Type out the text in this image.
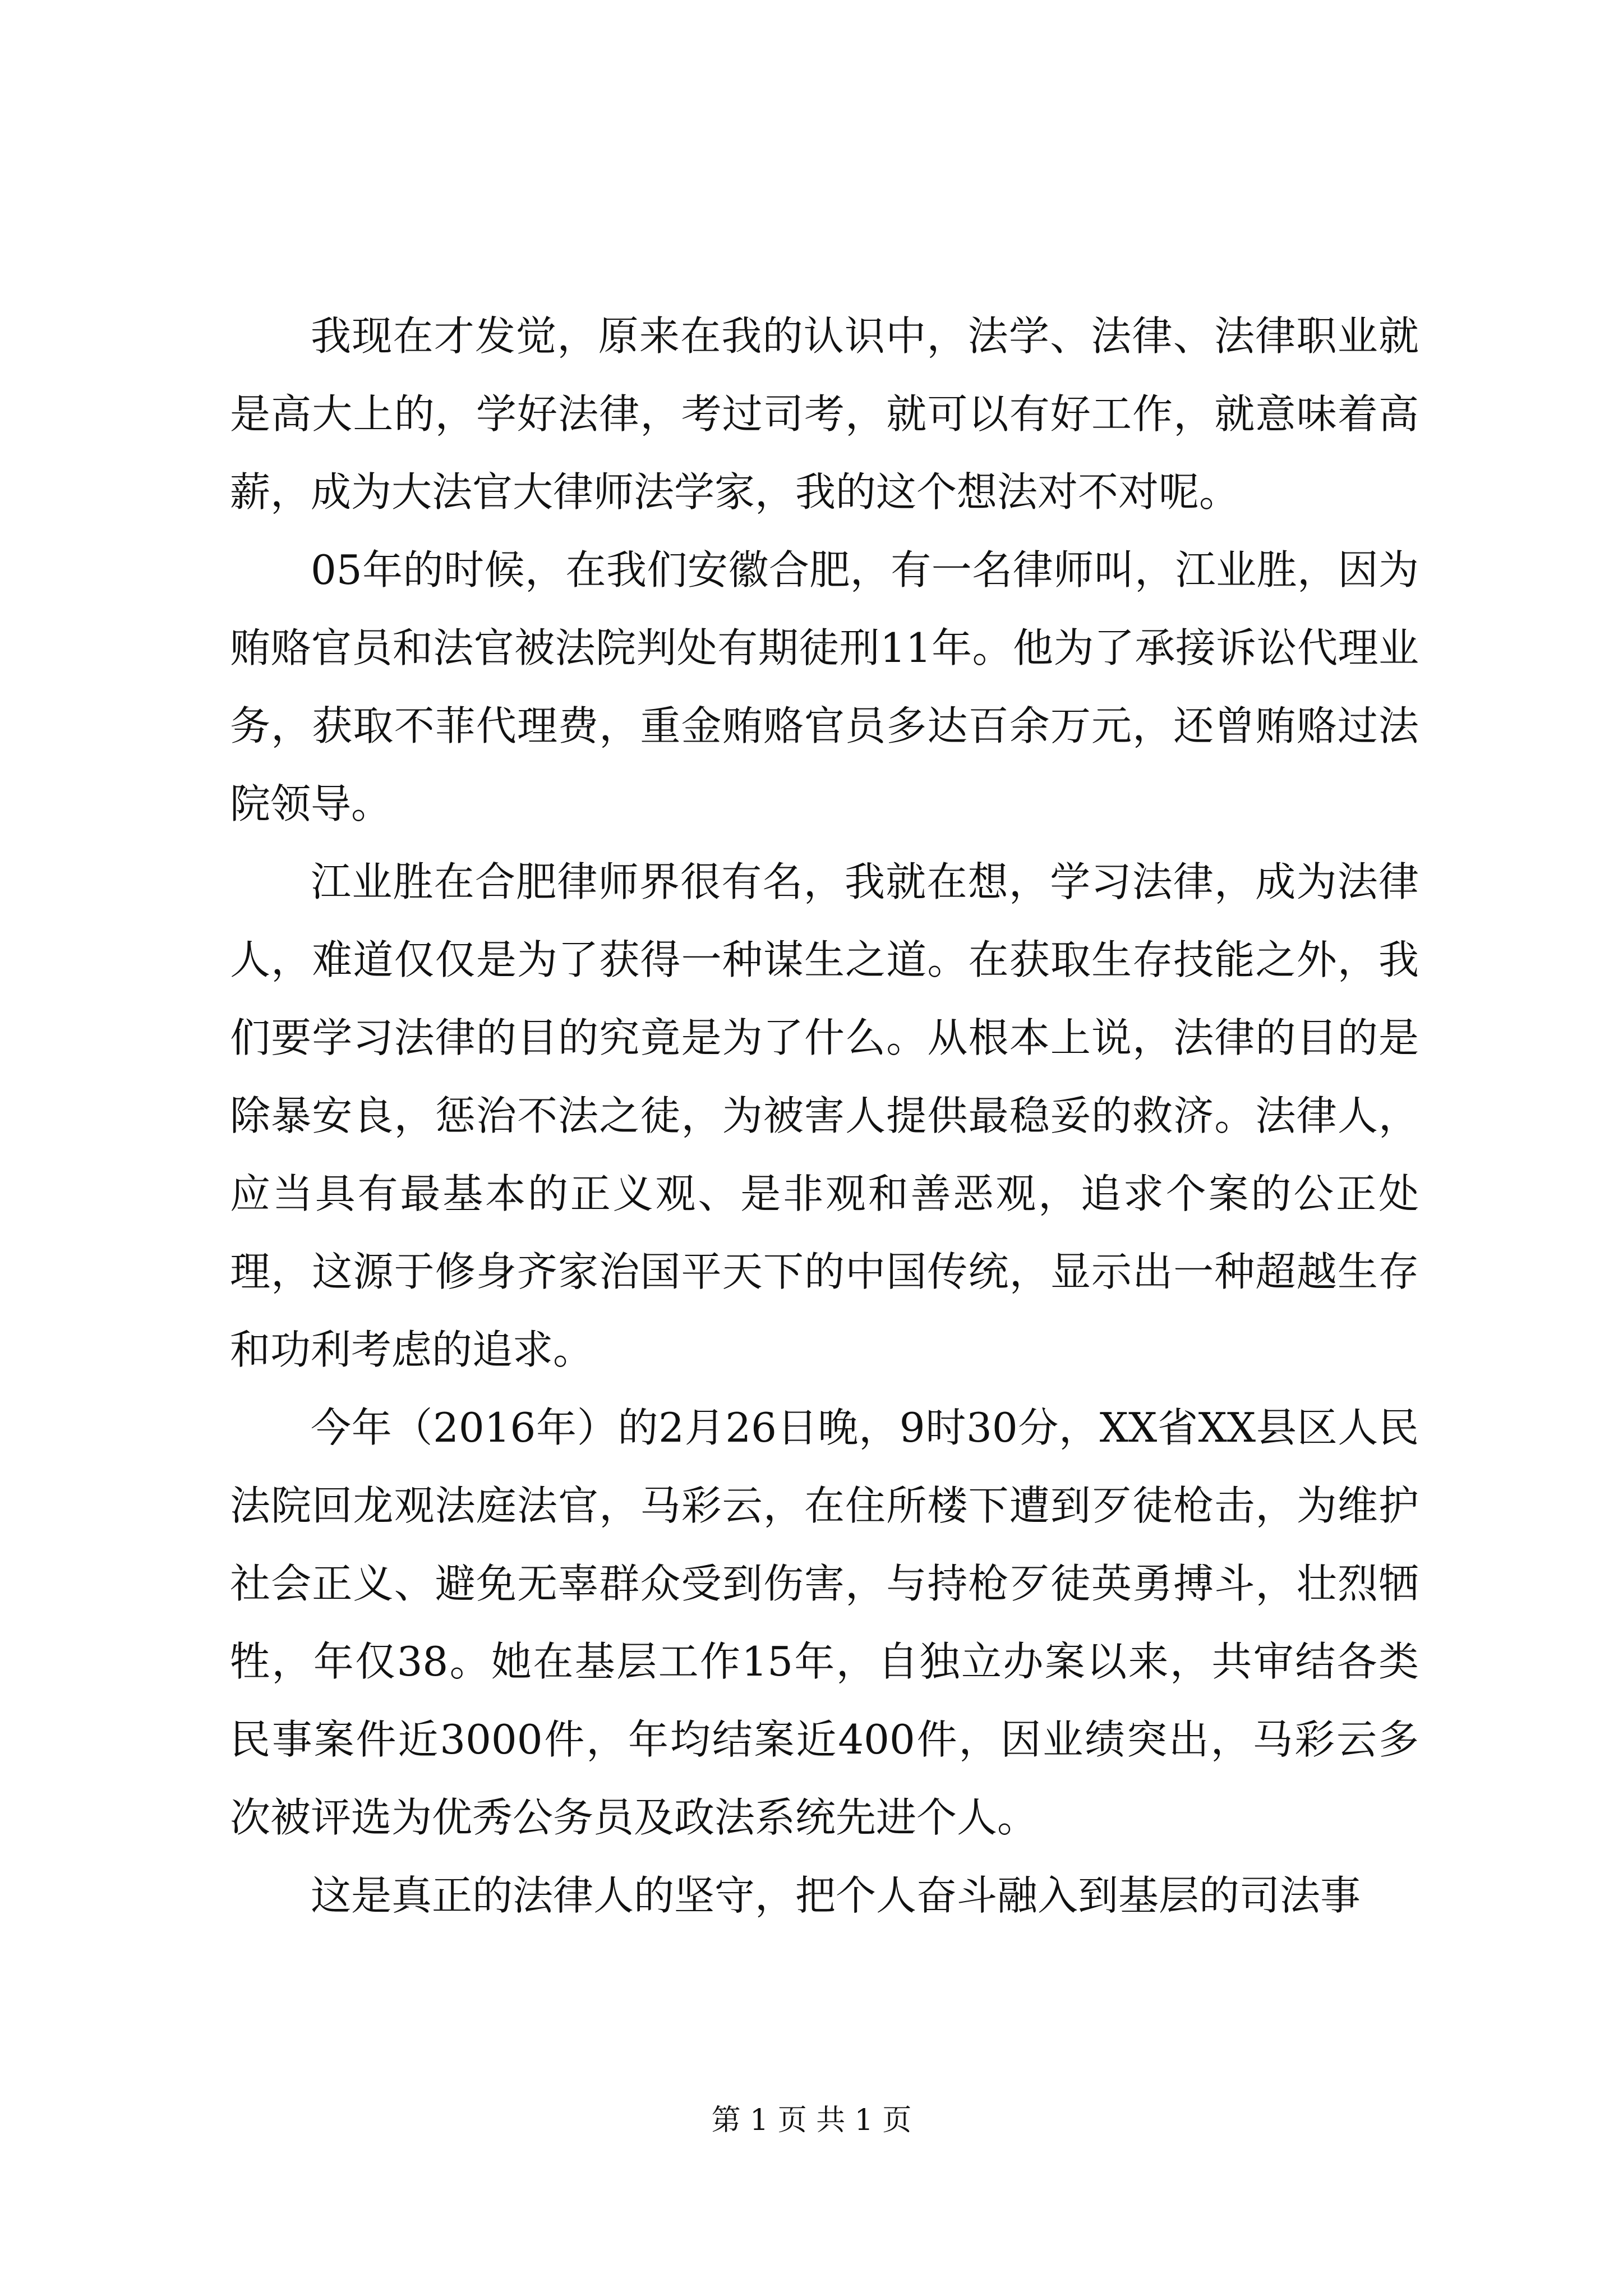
我现在才发觉，原来在我的认识中，法学、法律、法律职业就是高大上的，学好法律，考过司考，就可以有好工作，就意味着高薪，成为大法官大律师法学家，我的这个想法对不对呢。

05年的时候，在我们安徽合肥，有一名律师叫，江业胜，因为贿赂官员和法官被法院判处有期徒刑11年。他为了承接诉讼代理业务，获取不菲代理费，重金贿赂官员多达百余万元，还曾贿赂过法院领导。

江业胜在合肥律师界很有名，我就在想，学习法律，成为法律人，难道仅仅是为了获得一种谋生之道。在获取生存技能之外，我们要学习法律的目的究竟是为了什么。从根本上说，法律的目的是除暴安良，惩治不法之徒，为被害人提供最稳妥的救济。法律人，应当具有最基本的正义观、是非观和善恶观，追求个案的公正处理，这源于修身齐家治国平天下的中国传统，显示出一种超越生存和功利考虑的追求。

今年（2016年）的2月26日晚，9时30分，XX省XX县区人民法院回龙观法庭法官，马彩云，在住所楼下遭到歹徒枪击，为维护社会正义、避免无辜群众受到伤害，与持枪歹徒英勇搏斗，壮烈牺牲，年仅38。她在基层工作15年，自独立办案以来，共审结各类民事案件近3000件，年均结案近400件，因业绩突出，马彩云多次被评选为优秀公务员及政法系统先进个人。

这是真正的法律人的坚守，把个人奋斗融入到基层的司法事

第 1 页 共 1 页
